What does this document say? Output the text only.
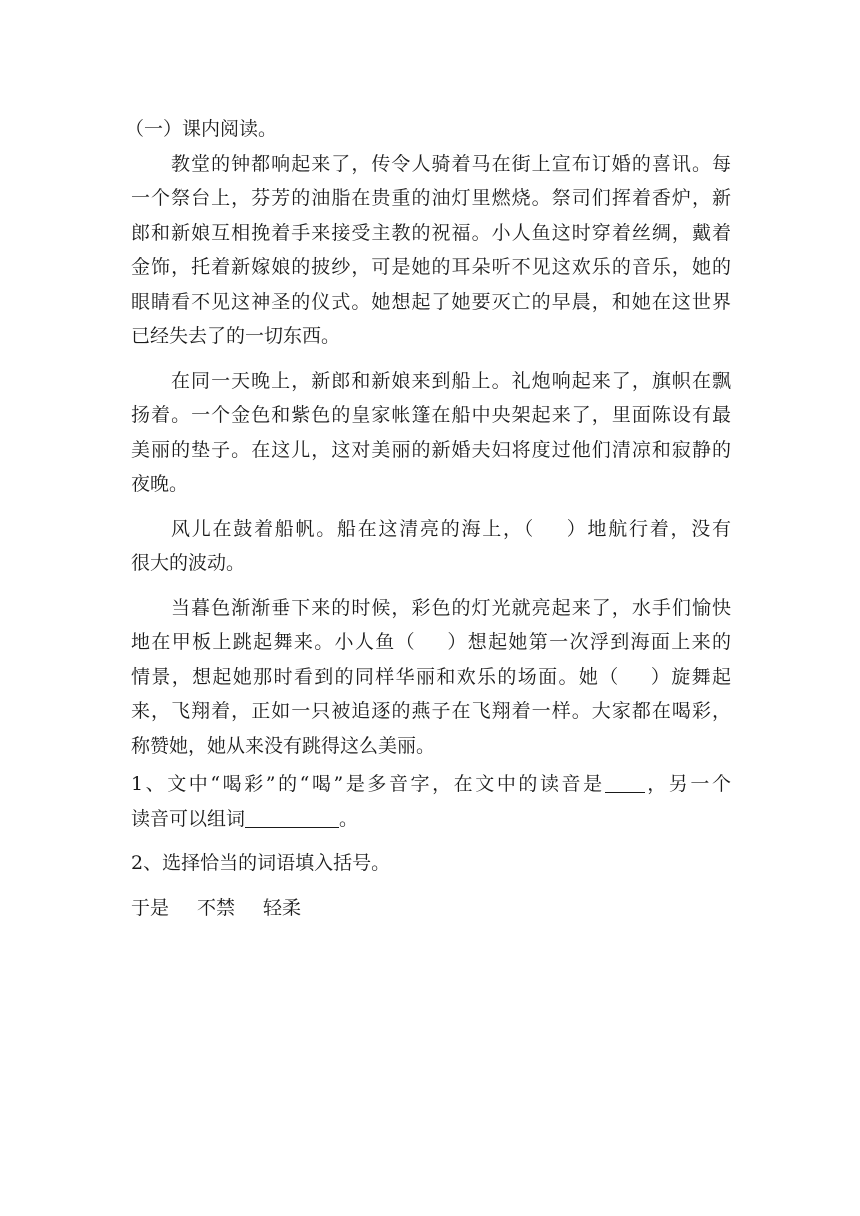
（一）课内阅读。
教堂的钟都响起来了，传令人骑着马在街上宣布订婚的喜讯。每
一个祭台上，芬芳的油脂在贵重的油灯里燃烧。祭司们挥着香炉，新
郎和新娘互相挽着手来接受主教的祝福。小人鱼这时穿着丝绸，戴着
金饰，托着新嫁娘的披纱，可是她的耳朵听不见这欢乐的音乐，她的
眼睛看不见这神圣的仪式。她想起了她要灭亡的早晨，和她在这世界
已经失去了的一切东西。
在同一天晚上，新郎和新娘来到船上。礼炮响起来了，旗帜在飘
扬着。一个金色和紫色的皇家帐篷在船中央架起来了，里面陈设有最
美丽的垫子。在这儿，这对美丽的新婚夫妇将度过他们清凉和寂静的
夜晚。
风儿在鼓着船帆。船在这清亮的海上，（ ）地航行着，没有
很大的波动。
当暮色渐渐垂下来的时候，彩色的灯光就亮起来了，水手们愉快
地在甲板上跳起舞来。小人鱼（ ）想起她第一次浮到海面上来的
情景，想起她那时看到的同样华丽和欢乐的场面。她（ ）旋舞起
来，飞翔着，正如一只被追逐的燕子在飞翔着一样。大家都在喝彩，
称赞她，她从来没有跳得这么美丽。
1、文中“喝彩”的“喝”是多音字，在文中的读音是 ，另一个
读音可以组词	。
2、选择恰当的词语填入括号。
于是 不禁 轻柔
